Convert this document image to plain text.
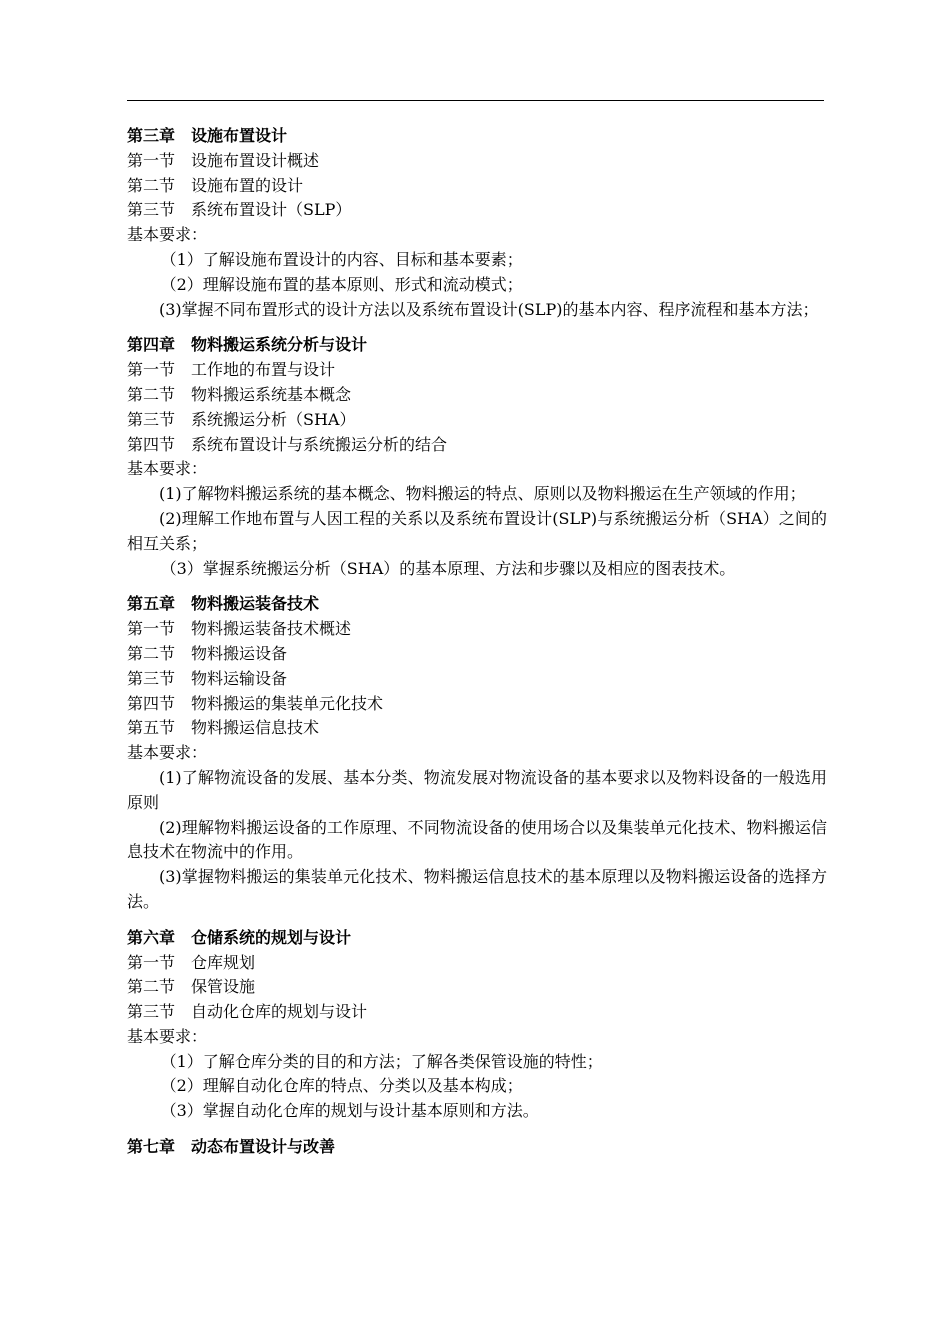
第三章　设施布置设计
第一节　设施布置设计概述
第二节　设施布置的设计
第三节　系统布置设计（SLP）
基本要求：
（1）了解设施布置设计的内容、目标和基本要素；
（2）理解设施布置的基本原则、形式和流动模式；
(3)掌握不同布置形式的设计方法以及系统布置设计(SLP)的基本内容、程序流程和基本方法；
第四章　物料搬运系统分析与设计
第一节　工作地的布置与设计
第二节　物料搬运系统基本概念
第三节　系统搬运分析（SHA）
第四节　系统布置设计与系统搬运分析的结合
基本要求：
(1)了解物料搬运系统的基本概念、物料搬运的特点、原则以及物料搬运在生产领域的作用；
(2)理解工作地布置与人因工程的关系以及系统布置设计(SLP)与系统搬运分析（SHA）之间的相互关系；
（3）掌握系统搬运分析（SHA）的基本原理、方法和步骤以及相应的图表技术。
第五章　物料搬运装备技术
第一节　物料搬运装备技术概述
第二节　物料搬运设备
第三节　物料运输设备
第四节　物料搬运的集装单元化技术
第五节　物料搬运信息技术
基本要求：
(1)了解物流设备的发展、基本分类、物流发展对物流设备的基本要求以及物料设备的一般选用原则
(2)理解物料搬运设备的工作原理、不同物流设备的使用场合以及集装单元化技术、物料搬运信息技术在物流中的作用。
(3)掌握物料搬运的集装单元化技术、物料搬运信息技术的基本原理以及物料搬运设备的选择方法。
第六章　仓储系统的规划与设计
第一节　仓库规划
第二节　保管设施
第三节　自动化仓库的规划与设计
基本要求：
（1）了解仓库分类的目的和方法；了解各类保管设施的特性；
（2）理解自动化仓库的特点、分类以及基本构成；
（3）掌握自动化仓库的规划与设计基本原则和方法。
第七章　动态布置设计与改善
